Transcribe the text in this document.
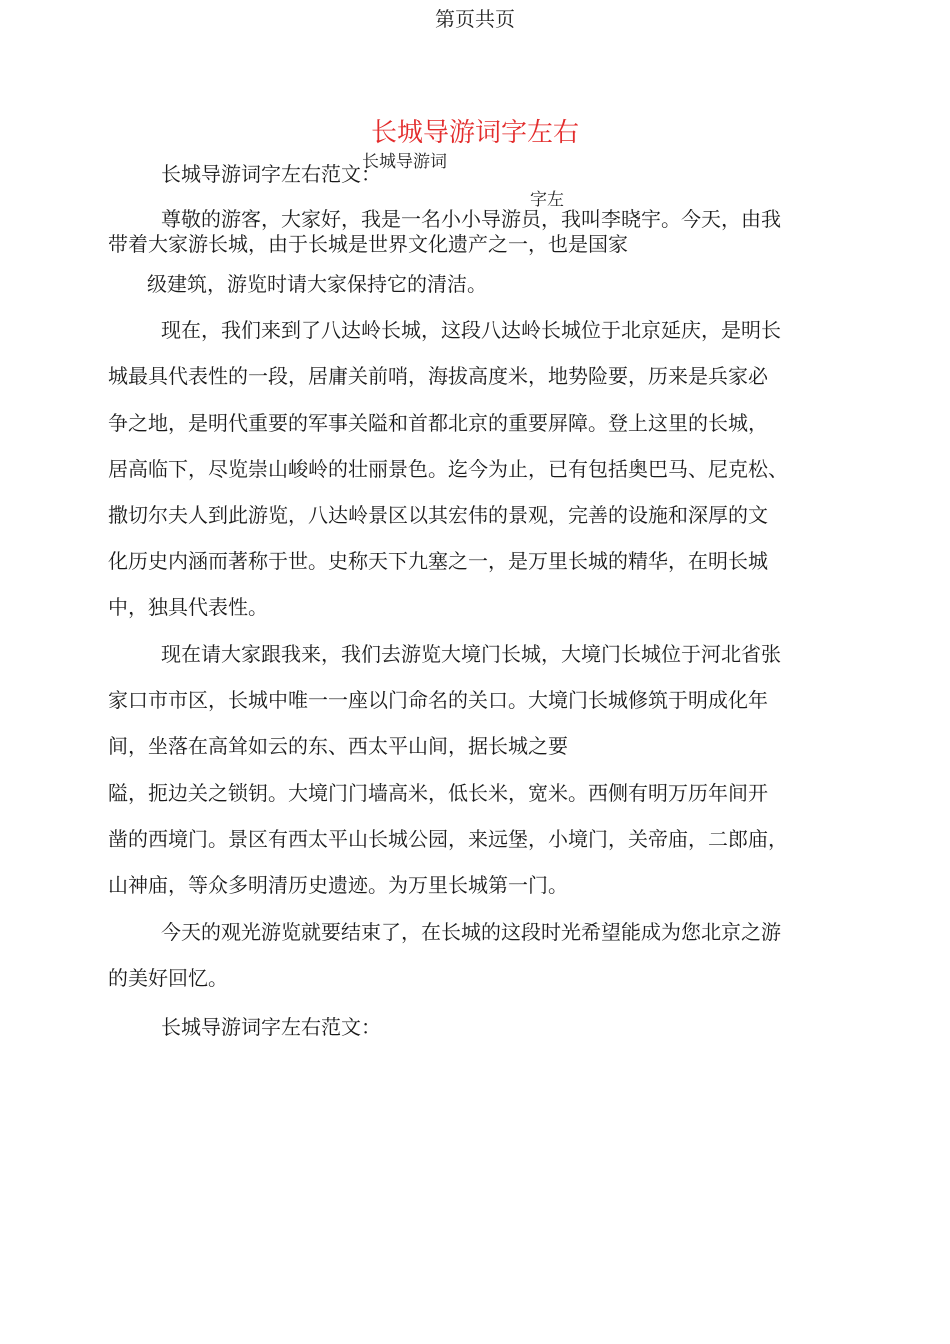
第页共页
长城导游词字左右
长城导游词
字左
长城导游词字左右范文：
尊敬的游客，大家好，我是一名小小导游员，我叫李晓宇。今天，由我
带着大家游长城，由于长城是世界文化遗产之一，也是国家
级建筑，游览时请大家保持它的清洁。
现在，我们来到了八达岭长城，这段八达岭长城位于北京延庆，是明长
城最具代表性的一段，居庸关前哨，海拔高度米，地势险要，历来是兵家必
争之地，是明代重要的军事关隘和首都北京的重要屏障。登上这里的长城，
居高临下，尽览崇山峻岭的壮丽景色。迄今为止，已有包括奥巴马、尼克松、
撒切尔夫人到此游览，八达岭景区以其宏伟的景观，完善的设施和深厚的文
化历史内涵而著称于世。史称天下九塞之一，是万里长城的精华，在明长城
中，独具代表性。
现在请大家跟我来，我们去游览大境门长城，大境门长城位于河北省张
家口市市区，长城中唯一一座以门命名的关口。大境门长城修筑于明成化年
间，坐落在高耸如云的东、西太平山间，据长城之要
隘，扼边关之锁钥。大境门门墙高米，低长米，宽米。西侧有明万历年间开
凿的西境门。景区有西太平山长城公园，来远堡，小境门，关帝庙，二郎庙，
山神庙，等众多明清历史遗迹。为万里长城第一门。
今天的观光游览就要结束了，在长城的这段时光希望能成为您北京之游
的美好回忆。
长城导游词字左右范文：
